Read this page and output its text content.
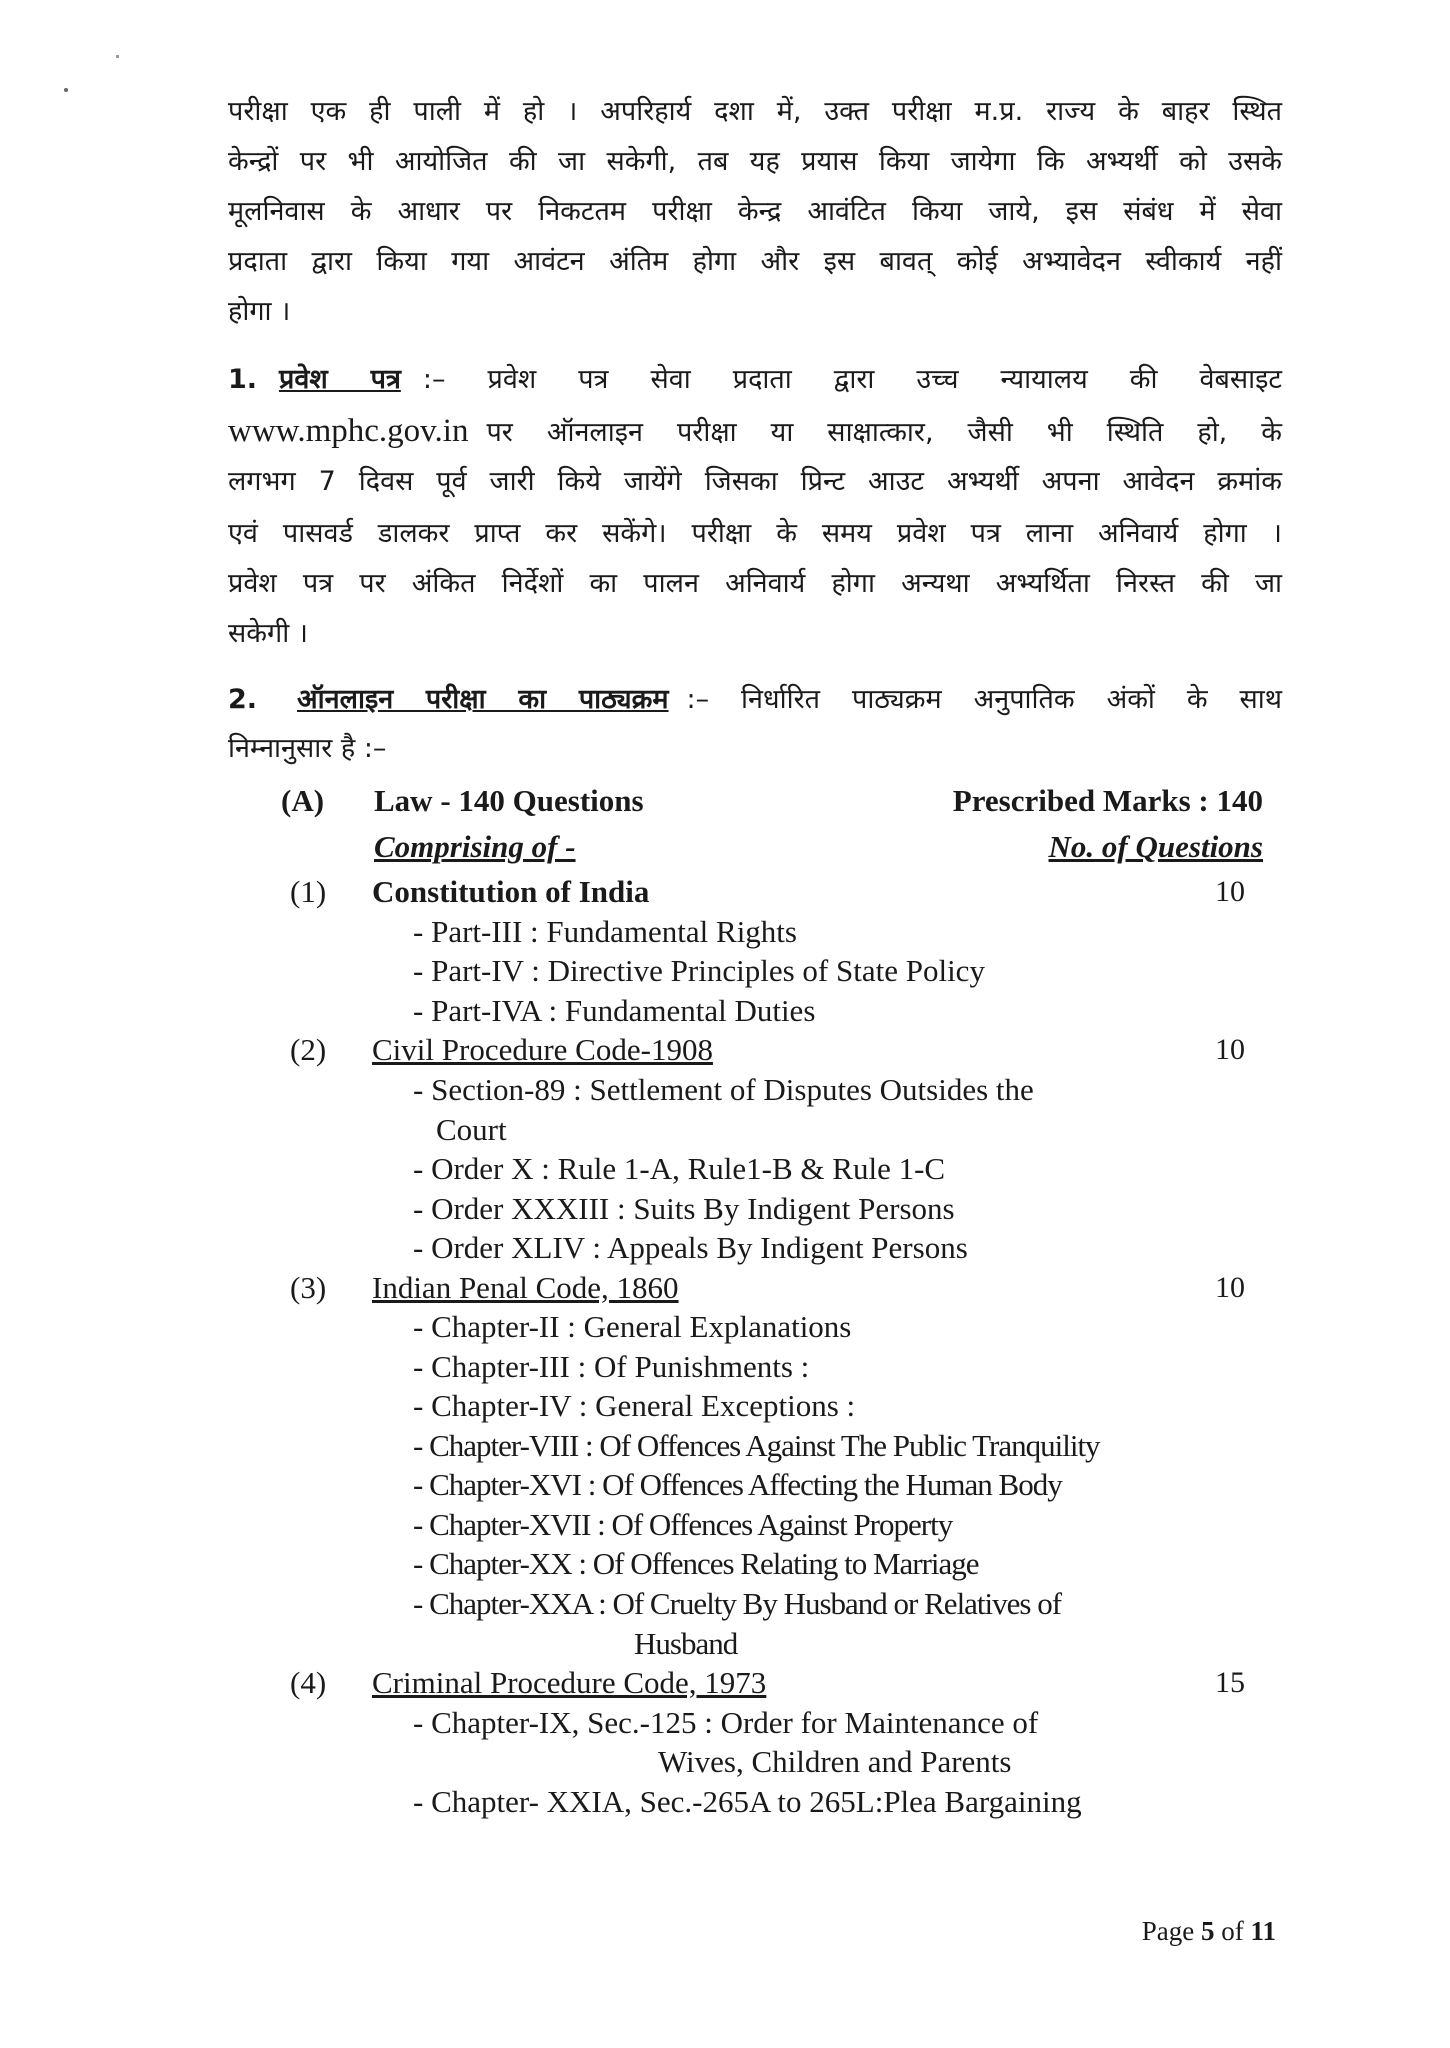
Page 5 of 11
परीक्षा एक ही पाली में हो । अपरिहार्य दशा में, उक्त परीक्षा म.प्र. राज्य के बाहर स्थित
केन्द्रों पर भी आयोजित की जा सकेगी, तब यह प्रयास किया जायेगा कि अभ्यर्थी को उसके
मूलनिवास के आधार पर निकटतम परीक्षा केन्द्र आवंटित किया जाये, इस संबंध में सेवा
प्रदाता द्वारा किया गया आवंटन अंतिम होगा और इस बावत् कोई अभ्यावेदन स्वीकार्य नहीं
होगा ।
1. प्रवेश पत्र :– प्रवेश पत्र सेवा प्रदाता द्वारा उच्च न्यायालय की वेबसाइट
www.mphc.gov.in पर ऑनलाइन परीक्षा या साक्षात्कार, जैसी भी स्थिति हो, के
लगभग 7 दिवस पूर्व जारी किये जायेंगे जिसका प्रिन्ट आउट अभ्यर्थी अपना आवेदन क्रमांक
एवं पासवर्ड डालकर प्राप्त कर सकेंगे। परीक्षा के समय प्रवेश पत्र लाना अनिवार्य होगा ।
प्रवेश पत्र पर अंकित निर्देशों का पालन अनिवार्य होगा अन्यथा अभ्यर्थिता निरस्त की जा
सकेगी ।
2. ऑनलाइन परीक्षा का पाठ्यक्रम :– निर्धारित पाठ्यक्रम अनुपातिक अंकों के साथ
निम्नानुसार है :–
(A) Law - 140 Questions	Prescribed Marks : 140
Comprising of -	No. of Questions
(1) Constitution of India	10
- Part-III : Fundamental Rights
- Part-IV : Directive Principles of State Policy
- Part-IVA : Fundamental Duties
(2) Civil Procedure Code-1908	10
- Section-89 : Settlement of Disputes Outsides the
Court
- Order X : Rule 1-A, Rule1-B & Rule 1-C
- Order XXXIII : Suits By Indigent Persons
- Order XLIV : Appeals By Indigent Persons
(3) Indian Penal Code, 1860	10
- Chapter-II : General Explanations
- Chapter-III : Of Punishments :
- Chapter-IV : General Exceptions :
- Chapter-VIII : Of Offences Against The Public Tranquility
- Chapter-XVI : Of Offences Affecting the Human Body
- Chapter-XVII : Of Offences Against Property
- Chapter-XX : Of Offences Relating to Marriage
- Chapter-XXA : Of Cruelty By Husband or Relatives of
Husband
(4) Criminal Procedure Code, 1973	15
- Chapter-IX, Sec.-125 : Order for Maintenance of
Wives, Children and Parents
- Chapter- XXIA, Sec.-265A to 265L:Plea Bargaining
